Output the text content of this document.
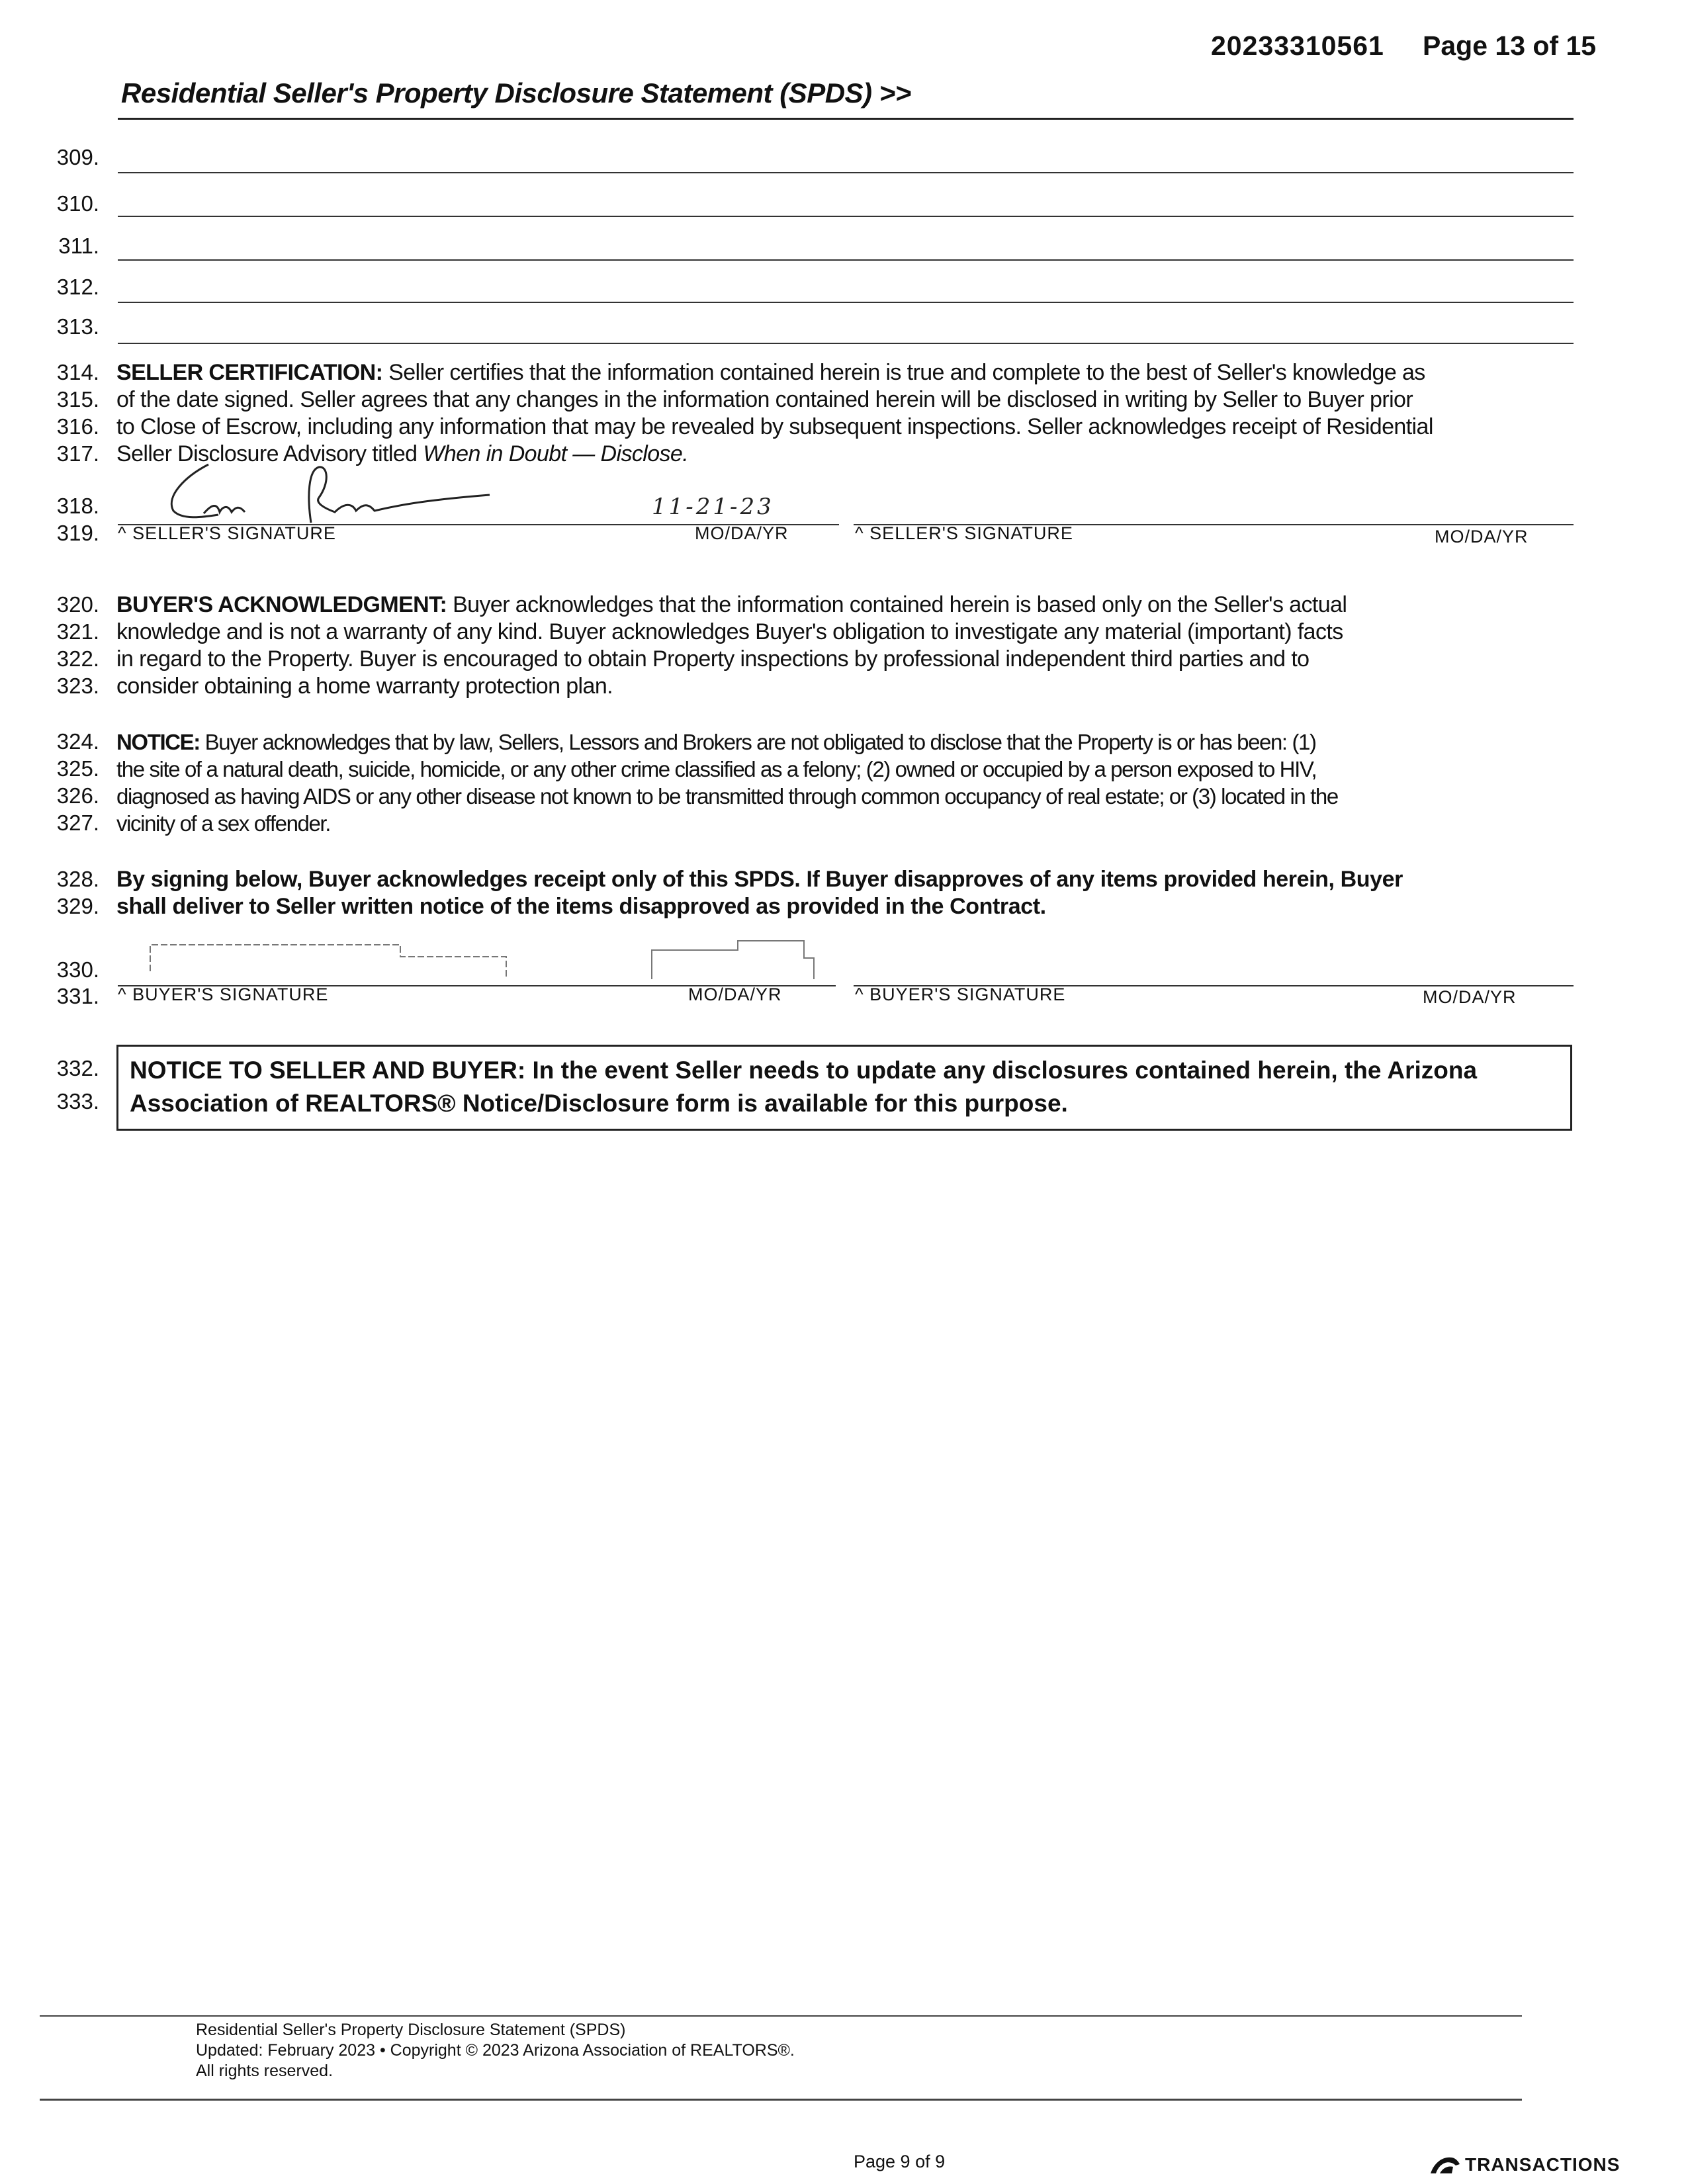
20233310561 Page 13 of 15
Residential Seller's Property Disclosure Statement (SPDS) >>
309.
310.
311.
312.
313.
314.
315.
316.
317.
SELLER CERTIFICATION: Seller certifies that the information contained herein is true and complete to the best of Seller's knowledge as
of the date signed. Seller agrees that any changes in the information contained herein will be disclosed in writing by Seller to Buyer prior
to Close of Escrow, including any information that may be revealed by subsequent inspections. Seller acknowledges receipt of Residential
Seller Disclosure Advisory titled When in Doubt — Disclose.
318.
319.
11-21-23
^ SELLER'S SIGNATURE	MO/DA/YR	^ SELLER'S SIGNATURE	MO/DA/YR
320.
321.
322.
323.
BUYER'S ACKNOWLEDGMENT: Buyer acknowledges that the information contained herein is based only on the Seller's actual
knowledge and is not a warranty of any kind. Buyer acknowledges Buyer's obligation to investigate any material (important) facts
in regard to the Property. Buyer is encouraged to obtain Property inspections by professional independent third parties and to
consider obtaining a home warranty protection plan.
324.
325.
326.
327.
NOTICE: Buyer acknowledges that by law, Sellers, Lessors and Brokers are not obligated to disclose that the Property is or has been: (1)
the site of a natural death, suicide, homicide, or any other crime classified as a felony; (2) owned or occupied by a person exposed to HIV,
diagnosed as having AIDS or any other disease not known to be transmitted through common occupancy of real estate; or (3) located in the
vicinity of a sex offender.
328.
329.
By signing below, Buyer acknowledges receipt only of this SPDS. If Buyer disapproves of any items provided herein, Buyer
shall deliver to Seller written notice of the items disapproved as provided in the Contract.
330.
331. ^ BUYER'S SIGNATURE	MO/DA/YR	^ BUYER'S SIGNATURE	MO/DA/YR
332.
333.
NOTICE TO SELLER AND BUYER: In the event Seller needs to update any disclosures contained herein, the Arizona
Association of REALTORS® Notice/Disclosure form is available for this purpose.
Residential Seller's Property Disclosure Statement (SPDS)
Updated: February 2023 • Copyright © 2023 Arizona Association of REALTORS®.
All rights reserved.
Page 9 of 9	TRANSACTIONS
